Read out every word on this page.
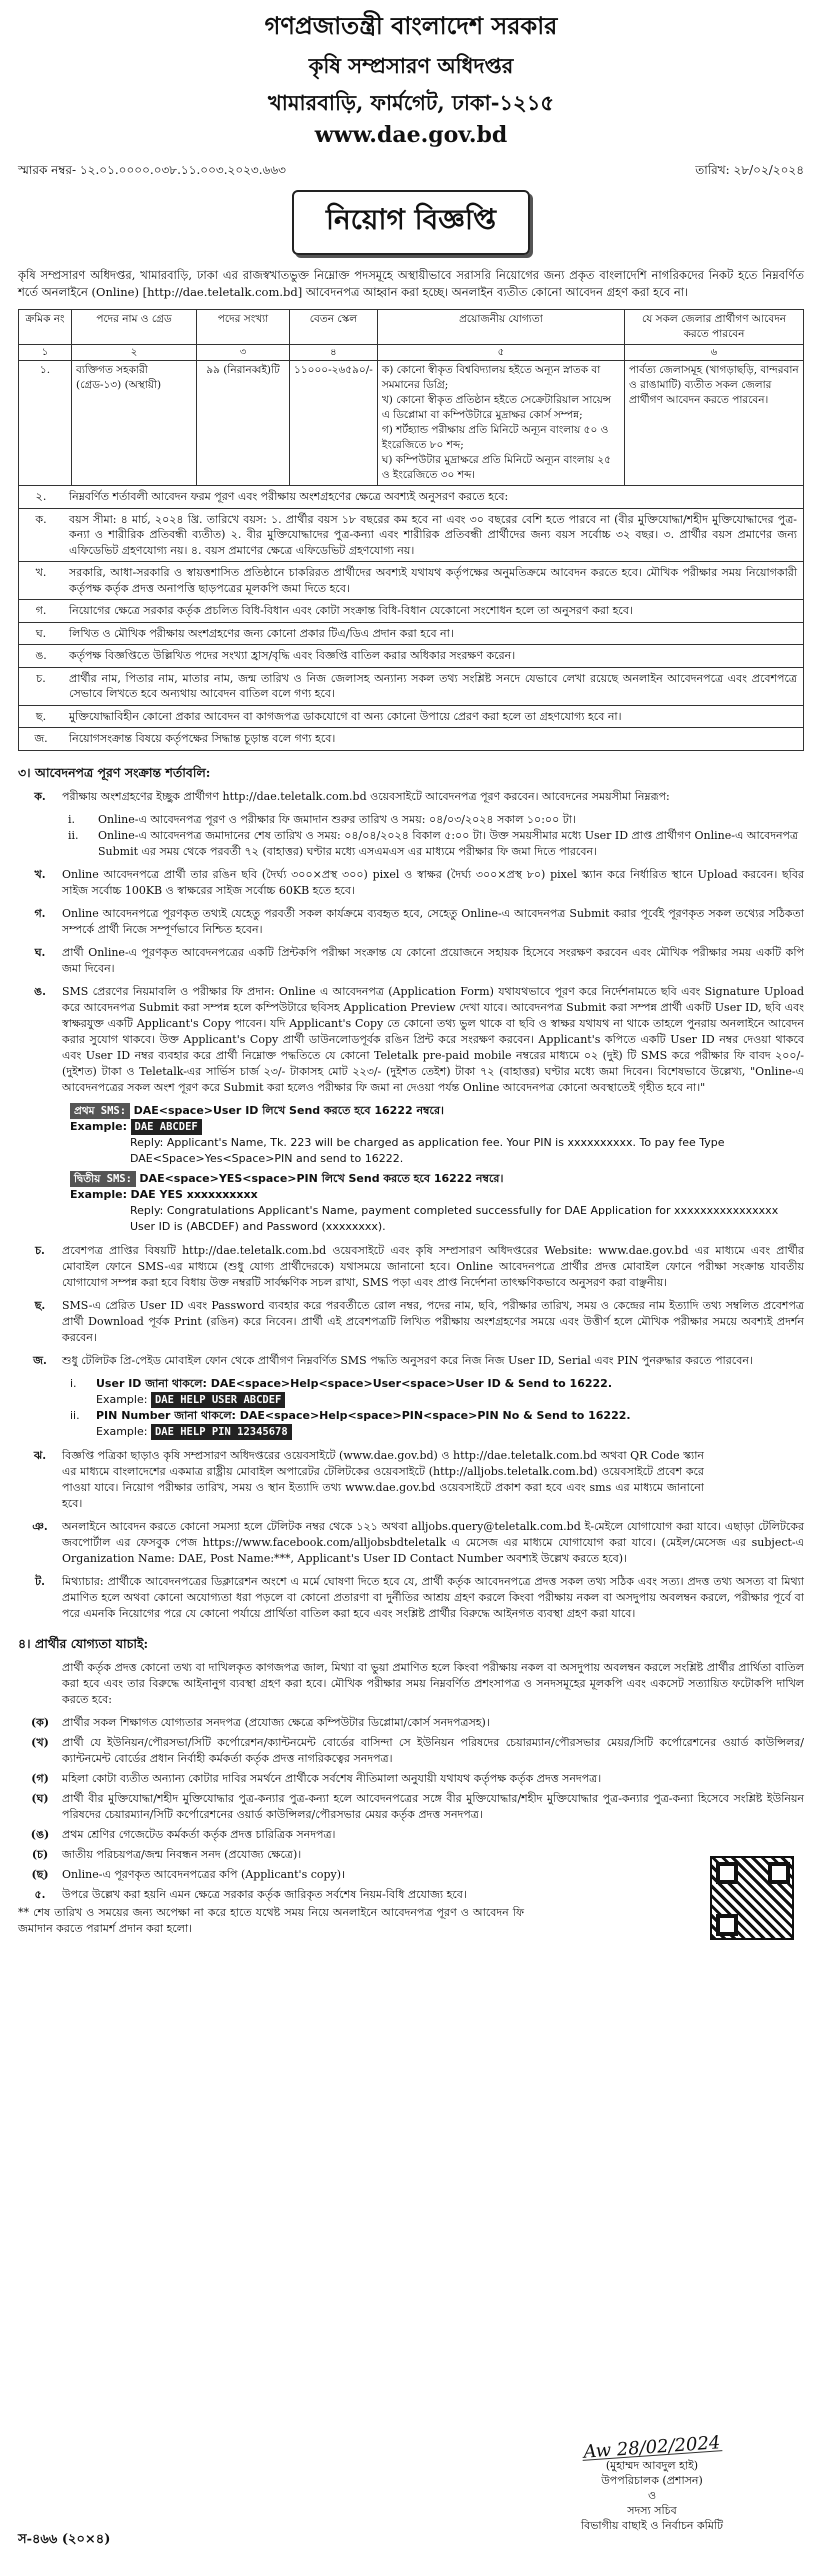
গণপ্রজাতন্ত্রী বাংলাদেশ সরকার
কৃষি সম্প্রসারণ অধিদপ্তর
খামারবাড়ি, ফার্মগেট, ঢাকা-১২১৫
www.dae.gov.bd
স্মারক নম্বর- ১২.০১.০০০০.০৩৮.১১.০০৩.২০২৩.৬৬৩	তারিখ: ২৮/০২/২০২৪
নিয়োগ বিজ্ঞপ্তি
কৃষি সম্প্রসারণ অধিদপ্তর, খামারবাড়ি, ঢাকা এর রাজস্বখাতভুক্ত নিম্নোক্ত পদসমূহে অস্থায়ীভাবে সরাসরি নিয়োগের জন্য প্রকৃত বাংলাদেশি নাগরিকদের নিকট হতে নিম্নবর্ণিত শর্তে অনলাইনে (Online) [http://dae.teletalk.com.bd] আবেদনপত্র আহ্বান করা হচ্ছে। অনলাইন ব্যতীত কোনো আবেদন গ্রহণ করা হবে না।
ক্রমিক নং	পদের নাম ও গ্রেড	পদের সংখ্যা	বেতন স্কেল	প্রয়োজনীয় যোগ্যতা	যে সকল জেলার প্রার্থীগণ আবেদন করতে পারবেন
১	২	৩	৪	৫	৬
১.	ব্যক্তিগত সহকারী (গ্রেড-১৩) (অস্থায়ী)	৯৯ (নিরানব্বই)টি	১১০০০-২৬৫৯০/-	ক) কোনো স্বীকৃত বিশ্ববিদ্যালয় হইতে অন্যূন স্নাতক বা সমমানের ডিগ্রি;
খ) কোনো স্বীকৃত প্রতিষ্ঠান হইতে সেক্রেটারিয়াল সায়েন্স এ ডিপ্লোমা বা কম্পিউটারে মুদ্রাক্ষর কোর্স সম্পন্ন;
গ) শর্টহ্যান্ড পরীক্ষায় প্রতি মিনিটে অন্যূন বাংলায় ৫০ ও ইংরেজিতে ৮০ শব্দ;
ঘ) কম্পিউটার মুদ্রাক্ষরে প্রতি মিনিটে অন্যূন বাংলায় ২৫ ও ইংরেজিতে ৩০ শব্দ।	পার্বত্য জেলাসমূহ (খাগড়াছড়ি, বান্দরবান ও রাঙামাটি) ব্যতীত সকল জেলার প্রার্থীগণ আবেদন করতে পারবেন।
২.	নিম্নবর্ণিত শর্তাবলী আবেদন ফরম পূরণ এবং পরীক্ষায় অংশগ্রহণের ক্ষেত্রে অবশ্যই অনুসরণ করতে হবে:
ক.	বয়স সীমা: ৪ মার্চ, ২০২৪ খ্রি. তারিখে বয়স: ১. প্রার্থীর বয়স ১৮ বছরের কম হবে না এবং ৩০ বছরের বেশি হতে পারবে না (বীর মুক্তিযোদ্ধা/শহীদ মুক্তিযোদ্ধাদের পুত্র-কন্যা ও শারীরিক প্রতিবন্ধী ব্যতীত) ২. বীর মুক্তিযোদ্ধাদের পুত্র-কন্যা এবং শারীরিক প্রতিবন্ধী প্রার্থীদের জন্য বয়স সর্বোচ্চ ৩২ বছর। ৩. প্রার্থীর বয়স প্রমাণের জন্য এফিডেভিট গ্রহণযোগ্য নয়। ৪. বয়স প্রমাণের ক্ষেত্রে এফিডেভিট গ্রহণযোগ্য নয়।
খ.	সরকারি, আধা-সরকারি ও স্বায়ত্তশাসিত প্রতিষ্ঠানে চাকরিরত প্রার্থীদের অবশ্যই যথাযথ কর্তৃপক্ষের অনুমতিক্রমে আবেদন করতে হবে। মৌখিক পরীক্ষার সময় নিয়োগকারী কর্তৃপক্ষ কর্তৃক প্রদত্ত অনাপত্তি ছাড়পত্রের মূলকপি জমা দিতে হবে।
গ.	নিয়োগের ক্ষেত্রে সরকার কর্তৃক প্রচলিত বিধি-বিধান এবং কোটা সংক্রান্ত বিধি-বিধান যেকোনো সংশোধন হলে তা অনুসরণ করা হবে।
ঘ.	লিখিত ও মৌখিক পরীক্ষায় অংশগ্রহণের জন্য কোনো প্রকার টিএ/ডিএ প্রদান করা হবে না।
ঙ.	কর্তৃপক্ষ বিজ্ঞপ্তিতে উল্লিখিত পদের সংখ্যা হ্রাস/বৃদ্ধি এবং বিজ্ঞপ্তি বাতিল করার অধিকার সংরক্ষণ করেন।
চ.	প্রার্থীর নাম, পিতার নাম, মাতার নাম, জন্ম তারিখ ও নিজ জেলাসহ অন্যান্য সকল তথ্য সংশ্লিষ্ট সনদে যেভাবে লেখা রয়েছে অনলাইন আবেদনপত্রে এবং প্রবেশপত্রে সেভাবে লিখতে হবে অন্যথায় আবেদন বাতিল বলে গণ্য হবে।
ছ.	মুক্তিযোদ্ধাবিহীন কোনো প্রকার আবেদন বা কাগজপত্র ডাকযোগে বা অন্য কোনো উপায়ে প্রেরণ করা হলে তা গ্রহণযোগ্য হবে না।
জ.	নিয়োগসংক্রান্ত বিষয়ে কর্তৃপক্ষের সিদ্ধান্ত চূড়ান্ত বলে গণ্য হবে।
৩। আবেদনপত্র পূরণ সংক্রান্ত শর্তাবলি:
ক.	পরীক্ষায় অংশগ্রহণের ইচ্ছুক প্রার্থীগণ http://dae.teletalk.com.bd ওয়েবসাইটে আবেদনপত্র পূরণ করবেন। আবেদনের সময়সীমা নিম্নরূপ:
i.	Online-এ আবেদনপত্র পূরণ ও পরীক্ষার ফি জমাদান শুরুর তারিখ ও সময়: ০৪/০৩/২০২৪ সকাল ১০:০০ টা।
ii.	Online-এ আবেদনপত্র জমাদানের শেষ তারিখ ও সময়: ০৪/০৪/২০২৪ বিকাল ৫:০০ টা। উক্ত সময়সীমার মধ্যে User ID প্রাপ্ত প্রার্থীগণ Online-এ আবেদনপত্র Submit এর সময় থেকে পরবর্তী ৭২ (বাহাত্তর) ঘণ্টার মধ্যে এসএমএস এর মাধ্যমে পরীক্ষার ফি জমা দিতে পারবেন।
খ.	Online আবেদনপত্রে প্রার্থী তার রঙিন ছবি (দৈর্ঘ্য ৩০০×প্রস্থ ৩০০) pixel ও স্বাক্ষর (দৈর্ঘ্য ৩০০×প্রস্থ ৮০) pixel স্ক্যান করে নির্ধারিত স্থানে Upload করবেন। ছবির সাইজ সর্বোচ্চ 100KB ও স্বাক্ষরের সাইজ সর্বোচ্চ 60KB হতে হবে।
গ.	Online আবেদনপত্রে পূরণকৃত তথ্যই যেহেতু পরবর্তী সকল কার্যক্রমে ব্যবহৃত হবে, সেহেতু Online-এ আবেদনপত্র Submit করার পূর্বেই পূরণকৃত সকল তথ্যের সঠিকতা সম্পর্কে প্রার্থী নিজে সম্পূর্ণভাবে নিশ্চিত হবেন।
ঘ.	প্রার্থী Online-এ পূরণকৃত আবেদনপত্রের একটি প্রিন্টকপি পরীক্ষা সংক্রান্ত যে কোনো প্রয়োজনে সহায়ক হিসেবে সংরক্ষণ করবেন এবং মৌখিক পরীক্ষার সময় একটি কপি জমা দিবেন।
ঙ.	SMS প্রেরণের নিয়মাবলি ও পরীক্ষার ফি প্রদান: Online এ আবেদনপত্র (Application Form) যথাযথভাবে পূরণ করে নির্দেশনামতে ছবি এবং Signature Upload করে আবেদনপত্র Submit করা সম্পন্ন হলে কম্পিউটারে ছবিসহ Application Preview দেখা যাবে। আবেদনপত্র Submit করা সম্পন্ন প্রার্থী একটি User ID, ছবি এবং স্বাক্ষরযুক্ত একটি Applicant's Copy পাবেন। যদি Applicant's Copy তে কোনো তথ্য ভুল থাকে বা ছবি ও স্বাক্ষর যথাযথ না থাকে তাহলে পুনরায় অনলাইনে আবেদন করার সুযোগ থাকবে। উক্ত Applicant's Copy প্রার্থী ডাউনলোডপূর্বক রঙিন প্রিন্ট করে সংরক্ষণ করবেন। Applicant's কপিতে একটি User ID নম্বর দেওয়া থাকবে এবং User ID নম্বর ব্যবহার করে প্রার্থী নিম্নোক্ত পদ্ধতিতে যে কোনো Teletalk pre-paid mobile নম্বরের মাধ্যমে ০২ (দুই) টি SMS করে পরীক্ষার ফি বাবদ ২০০/-(দুইশত) টাকা ও Teletalk-এর সার্ভিস চার্জ ২৩/- টাকাসহ মোট ২২৩/- (দুইশত তেইশ) টাকা ৭২ (বাহাত্তর) ঘণ্টার মধ্যে জমা দিবেন। বিশেষভাবে উল্লেখ্য, "Online-এ আবেদনপত্রের সকল অংশ পূরণ করে Submit করা হলেও পরীক্ষার ফি জমা না দেওয়া পর্যন্ত Online আবেদনপত্র কোনো অবস্থাতেই গৃহীত হবে না।"
প্রথম SMS: DAE<space>User ID লিখে Send করতে হবে 16222 নম্বরে।
Example: DAE ABCDEF
Reply: Applicant's Name, Tk. 223 will be charged as application fee. Your PIN is xxxxxxxxxx. To pay fee Type DAE<Space>Yes<Space>PIN and send to 16222.
দ্বিতীয় SMS: DAE<space>YES<space>PIN লিখে Send করতে হবে 16222 নম্বরে।
Example: DAE YES xxxxxxxxxx
Reply: Congratulations Applicant's Name, payment completed successfully for DAE Application for xxxxxxxxxxxxxxxx User ID is (ABCDEF) and Password (xxxxxxxx).
চ.	প্রবেশপত্র প্রাপ্তির বিষয়টি http://dae.teletalk.com.bd ওয়েবসাইটে এবং কৃষি সম্প্রসারণ অধিদপ্তরের Website: www.dae.gov.bd এর মাধ্যমে এবং প্রার্থীর মোবাইল ফোনে SMS-এর মাধ্যমে (শুধু যোগ্য প্রার্থীদেরকে) যথাসময়ে জানানো হবে। Online আবেদনপত্রে প্রার্থীর প্রদত্ত মোবাইল ফোনে পরীক্ষা সংক্রান্ত যাবতীয় যোগাযোগ সম্পন্ন করা হবে বিধায় উক্ত নম্বরটি সার্বক্ষণিক সচল রাখা, SMS পড়া এবং প্রাপ্ত নির্দেশনা তাৎক্ষণিকভাবে অনুসরণ করা বাঞ্ছনীয়।
ছ.	SMS-এ প্রেরিত User ID এবং Password ব্যবহার করে পরবর্তীতে রোল নম্বর, পদের নাম, ছবি, পরীক্ষার তারিখ, সময় ও কেন্দ্রের নাম ইত্যাদি তথ্য সম্বলিত প্রবেশপত্র প্রার্থী Download পূর্বক Print (রঙিন) করে নিবেন। প্রার্থী এই প্রবেশপত্রটি লিখিত পরীক্ষায় অংশগ্রহণের সময়ে এবং উত্তীর্ণ হলে মৌখিক পরীক্ষার সময়ে অবশ্যই প্রদর্শন করবেন।
জ.	শুধু টেলিটক প্রি-পেইড মোবাইল ফোন থেকে প্রার্থীগণ নিম্নবর্ণিত SMS পদ্ধতি অনুসরণ করে নিজ নিজ User ID, Serial এবং PIN পুনরুদ্ধার করতে পারবেন।
i. User ID জানা থাকলে: DAE<space>Help<space>User<space>User ID & Send to 16222.
Example: DAE HELP USER ABCDEF
ii. PIN Number জানা থাকলে: DAE<space>Help<space>PIN<space>PIN No & Send to 16222.
Example: DAE HELP PIN 12345678
ঝ.	বিজ্ঞপ্তি পত্রিকা ছাড়াও কৃষি সম্প্রসারণ অধিদপ্তরের ওয়েবসাইটে (www.dae.gov.bd) ও http://dae.teletalk.com.bd অথবা QR Code স্ক্যান এর মাধ্যমে বাংলাদেশের একমাত্র রাষ্ট্রীয় মোবাইল অপারেটর টেলিটকের ওয়েবসাইটে (http://alljobs.teletalk.com.bd) ওয়েবসাইটে প্রবেশ করে পাওয়া যাবে। নিয়োগ পরীক্ষার তারিখ, সময় ও স্থান ইত্যাদি তথ্য www.dae.gov.bd ওয়েবসাইটে প্রকাশ করা হবে এবং sms এর মাধ্যমে জানানো হবে।
ঞ.	অনলাইনে আবেদন করতে কোনো সমস্যা হলে টেলিটক নম্বর থেকে ১২১ অথবা alljobs.query@teletalk.com.bd ই-মেইলে যোগাযোগ করা যাবে। এছাড়া টেলিটকের জবপোর্টাল এর ফেসবুক পেজ https://www.facebook.com/alljobsbdteletalk এ মেসেজ এর মাধ্যমে যোগাযোগ করা যাবে। (মেইল/মেসেজ এর subject-এ Organization Name: DAE, Post Name:***, Applicant's User ID Contact Number অবশ্যই উল্লেখ করতে হবে)।
ট.	মিথ্যাচার: প্রার্থীকে আবেদনপত্রের ডিক্লারেশন অংশে এ মর্মে ঘোষণা দিতে হবে যে, প্রার্থী কর্তৃক আবেদনপত্রে প্রদত্ত সকল তথ্য সঠিক এবং সত্য। প্রদত্ত তথ্য অসত্য বা মিথ্যা প্রমাণিত হলে অথবা কোনো অযোগ্যতা ধরা পড়লে বা কোনো প্রতারণা বা দুর্নীতির আশ্রয় গ্রহণ করলে কিংবা পরীক্ষায় নকল বা অসদুপায় অবলম্বন করলে, পরীক্ষার পূর্বে বা পরে এমনকি নিয়োগের পরে যে কোনো পর্যায়ে প্রার্থিতা বাতিল করা হবে এবং সংশ্লিষ্ট প্রার্থীর বিরুদ্ধে আইনগত ব্যবস্থা গ্রহণ করা যাবে।
৪। প্রার্থীর যোগ্যতা যাচাই:
প্রার্থী কর্তৃক প্রদত্ত কোনো তথ্য বা দাখিলকৃত কাগজপত্র জাল, মিথ্যা বা ভুয়া প্রমাণিত হলে কিংবা পরীক্ষায় নকল বা অসদুপায় অবলম্বন করলে সংশ্লিষ্ট প্রার্থীর প্রার্থিতা বাতিল করা হবে এবং তার বিরুদ্ধে আইনানুগ ব্যবস্থা গ্রহণ করা হবে। মৌখিক পরীক্ষার সময় নিম্নবর্ণিত প্রশংসাপত্র ও সনদসমূহের মূলকপি এবং একসেট সত্যায়িত ফটোকপি দাখিল করতে হবে:
(ক)	প্রার্থীর সকল শিক্ষাগত যোগ্যতার সনদপত্র (প্রযোজ্য ক্ষেত্রে কম্পিউটার ডিপ্লোমা/কোর্স সনদপত্রসহ)।
(খ)	প্রার্থী যে ইউনিয়ন/পৌরসভা/সিটি কর্পোরেশন/ক্যান্টনমেন্ট বোর্ডের বাসিন্দা সে ইউনিয়ন পরিষদের চেয়ারম্যান/পৌরসভার মেয়র/সিটি কর্পোরেশনের ওয়ার্ড কাউন্সিলর/ক্যান্টনমেন্ট বোর্ডের প্রধান নির্বাহী কর্মকর্তা কর্তৃক প্রদত্ত নাগরিকত্বের সনদপত্র।
(গ)	মহিলা কোটা ব্যতীত অন্যান্য কোটার দাবির সমর্থনে প্রার্থীকে সর্বশেষ নীতিমালা অনুযায়ী যথাযথ কর্তৃপক্ষ কর্তৃক প্রদত্ত সনদপত্র।
(ঘ)	প্রার্থী বীর মুক্তিযোদ্ধা/শহীদ মুক্তিযোদ্ধার পুত্র-কন্যার পুত্র-কন্যা হলে আবেদনপত্রের সঙ্গে বীর মুক্তিযোদ্ধার/শহীদ মুক্তিযোদ্ধার পুত্র-কন্যার পুত্র-কন্যা হিসেবে সংশ্লিষ্ট ইউনিয়ন পরিষদের চেয়ারম্যান/সিটি কর্পোরেশনের ওয়ার্ড কাউন্সিলর/পৌরসভার মেয়র কর্তৃক প্রদত্ত সনদপত্র।
(ঙ)	প্রথম শ্রেণির গেজেটেড কর্মকর্তা কর্তৃক প্রদত্ত চারিত্রিক সনদপত্র।
(চ)	জাতীয় পরিচয়পত্র/জন্ম নিবন্ধন সনদ (প্রযোজ্য ক্ষেত্রে)।
(ছ)	Online-এ পূরণকৃত আবেদনপত্রের কপি (Applicant's copy)।
৫.	উপরে উল্লেখ করা হয়নি এমন ক্ষেত্রে সরকার কর্তৃক জারিকৃত সর্বশেষ নিয়ম-বিধি প্রযোজ্য হবে।
** শেষ তারিখ ও সময়ের জন্য অপেক্ষা না করে হাতে যথেষ্ট সময় নিয়ে অনলাইনে আবেদনপত্র পূরণ ও আবেদন ফি জমাদান করতে পরামর্শ প্রদান করা হলো।
Aw 28/02/2024
(মুহাম্মদ আবদুল হাই)
উপপরিচালক (প্রশাসন)
ও
সদস্য সচিব
বিভাগীয় বাছাই ও নির্বাচন কমিটি
স-৪৬৬ (২০×৪)
